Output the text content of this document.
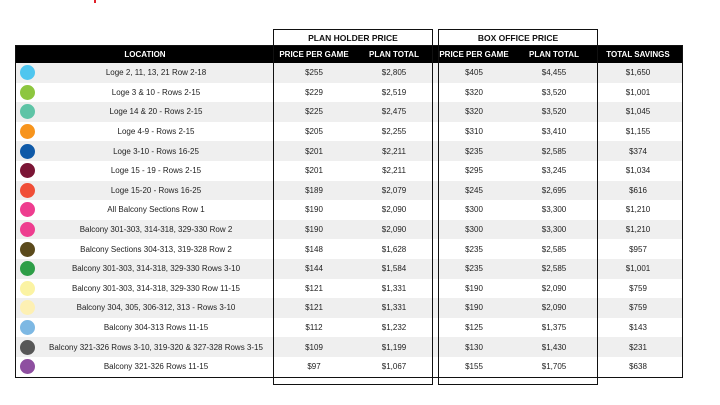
PLAN HOLDER PRICE	BOX OFFICE PRICE
LOCATION	PRICE PER GAME	PLAN TOTAL	PRICE PER GAME	PLAN TOTAL	TOTAL SAVINGS
Loge 2, 11, 13, 21 Row 2-18	$255	$2,805	$405	$4,455	$1,650
Loge 3 & 10 - Rows 2-15	$229	$2,519	$320	$3,520	$1,001
Loge 14 & 20 - Rows 2-15	$225	$2,475	$320	$3,520	$1,045
Loge 4-9 - Rows 2-15	$205	$2,255	$310	$3,410	$1,155
Loge 3-10 - Rows 16-25	$201	$2,211	$235	$2,585	$374
Loge 15 - 19 - Rows 2-15	$201	$2,211	$295	$3,245	$1,034
Loge 15-20 - Rows 16-25	$189	$2,079	$245	$2,695	$616
All Balcony Sections Row 1	$190	$2,090	$300	$3,300	$1,210
Balcony 301-303, 314-318, 329-330 Row 2	$190	$2,090	$300	$3,300	$1,210
Balcony Sections 304-313, 319-328 Row 2	$148	$1,628	$235	$2,585	$957
Balcony 301-303, 314-318, 329-330 Rows 3-10	$144	$1,584	$235	$2,585	$1,001
Balcony 301-303, 314-318, 329-330 Row 11-15	$121	$1,331	$190	$2,090	$759
Balcony 304, 305, 306-312, 313 - Rows 3-10	$121	$1,331	$190	$2,090	$759
Balcony 304-313 Rows 11-15	$112	$1,232	$125	$1,375	$143
Balcony 321-326 Rows 3-10, 319-320 & 327-328 Rows 3-15	$109	$1,199	$130	$1,430	$231
Balcony 321-326 Rows 11-15	$97	$1,067	$155	$1,705	$638
